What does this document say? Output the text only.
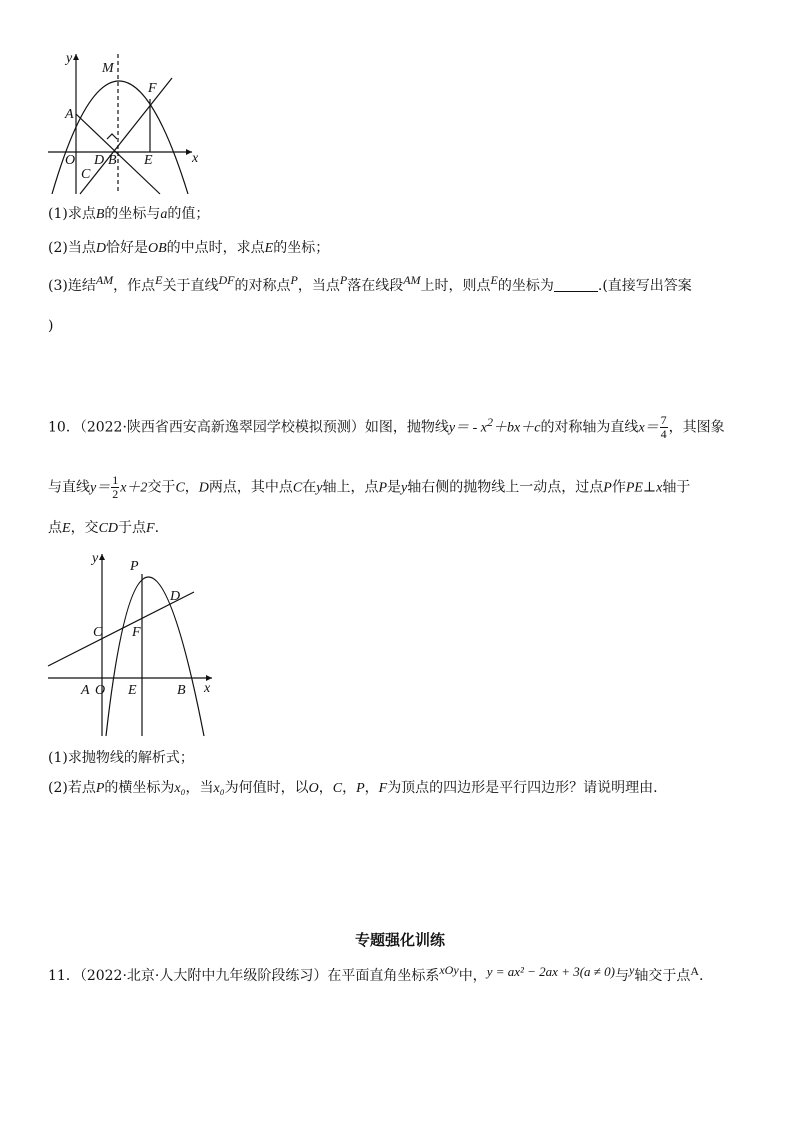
y
M
F
A
O D B E	x
C
(1)求点B的坐标与a的值；
(2)当点D恰好是OB的中点时，求点E的坐标；
(3)连结AM，作点E关于直线DF的对称点P，当点P落在线段AM上时，则点E的坐标为	.(直接写出答案
)
10．（2022·陕西省西安高新逸翠园学校模拟预测）如图，抛物线y＝ - x2＋bx＋c的对称轴为直线$x= \frac{7}{4}$ ，其图象
与直线$y= \frac{1}{2} x+2$交于C，D两点，其中点C在y轴上，点P是y轴右侧的抛物线上一动点，过点P作PE⊥x轴于
点E，交CD于点F.
y
P
D
C F
A O E	B x
(1)求抛物线的解析式；
(2)若点P的横坐标为x₀，当x₀为何值时，以O，C，P，F为顶点的四边形是平行四边形？请说明理由.
专题强化训练
11．（2022·北京·人大附中九年级阶段练习）在平面直角坐标系xOy中，y = ax² − 2ax + 3(a ≠ 0)与y轴交于点A.
